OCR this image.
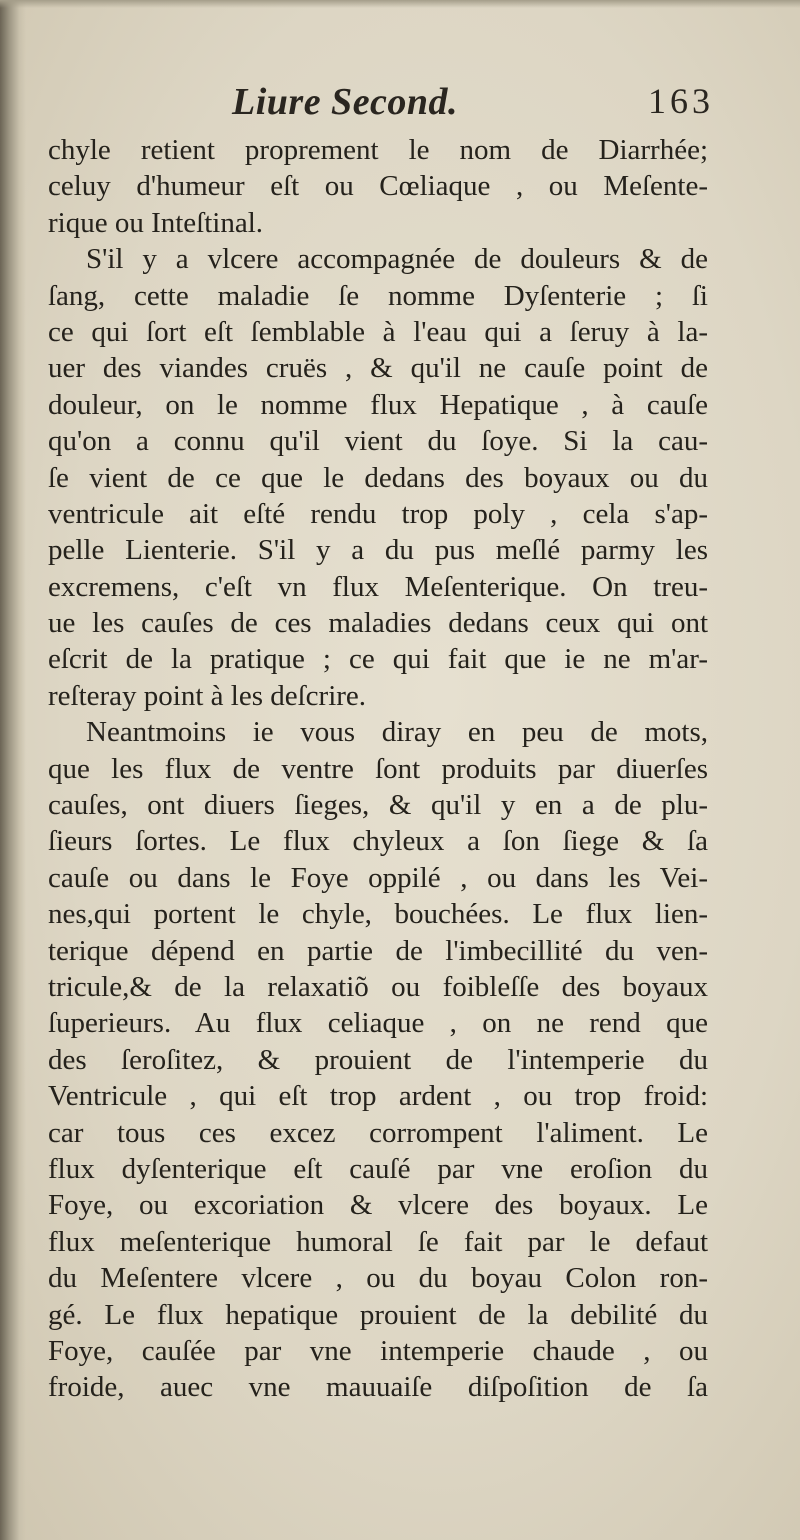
Liure Second.	163
chyle retient proprement le nom de Diarrhée;
celuy d'humeur eſt ou Cœliaque , ou Meſente-
rique ou Inteſtinal.
S'il y a vlcere accompagnée de douleurs & de
ſang, cette maladie ſe nomme Dyſenterie ; ſi
ce qui ſort eſt ſemblable à l'eau qui a ſeruy à la-
uer des viandes cruës , & qu'il ne cauſe point de
douleur, on le nomme flux Hepatique , à cauſe
qu'on a connu qu'il vient du ſoye. Si la cau-
ſe vient de ce que le dedans des boyaux ou du
ventricule ait eſté rendu trop poly , cela s'ap-
pelle Lienterie. S'il y a du pus meſlé parmy les
excremens, c'eſt vn flux Meſenterique. On treu-
ue les cauſes de ces maladies dedans ceux qui ont
eſcrit de la pratique ; ce qui fait que ie ne m'ar-
reſteray point à les deſcrire.
Neantmoins ie vous diray en peu de mots,
que les flux de ventre ſont produits par diuerſes
cauſes, ont diuers ſieges, & qu'il y en a de plu-
ſieurs ſortes. Le flux chyleux a ſon ſiege & ſa
cauſe ou dans le Foye oppilé , ou dans les Vei-
nes,qui portent le chyle, bouchées. Le flux lien-
terique dépend en partie de l'imbecillité du ven-
tricule,& de la relaxatiõ ou foibleſſe des boyaux
ſuperieurs. Au flux celiaque , on ne rend que
des ſeroſitez, & prouient de l'intemperie du
Ventricule , qui eſt trop ardent , ou trop froid:
car tous ces excez corrompent l'aliment. Le
flux dyſenterique eſt cauſé par vne eroſion du
Foye, ou excoriation & vlcere des boyaux. Le
flux meſenterique humoral ſe fait par le defaut
du Meſentere vlcere , ou du boyau Colon ron-
gé. Le flux hepatique prouient de la debilité du
Foye, cauſée par vne intemperie chaude , ou
froide, auec vne mauuaiſe diſpoſition de ſa
